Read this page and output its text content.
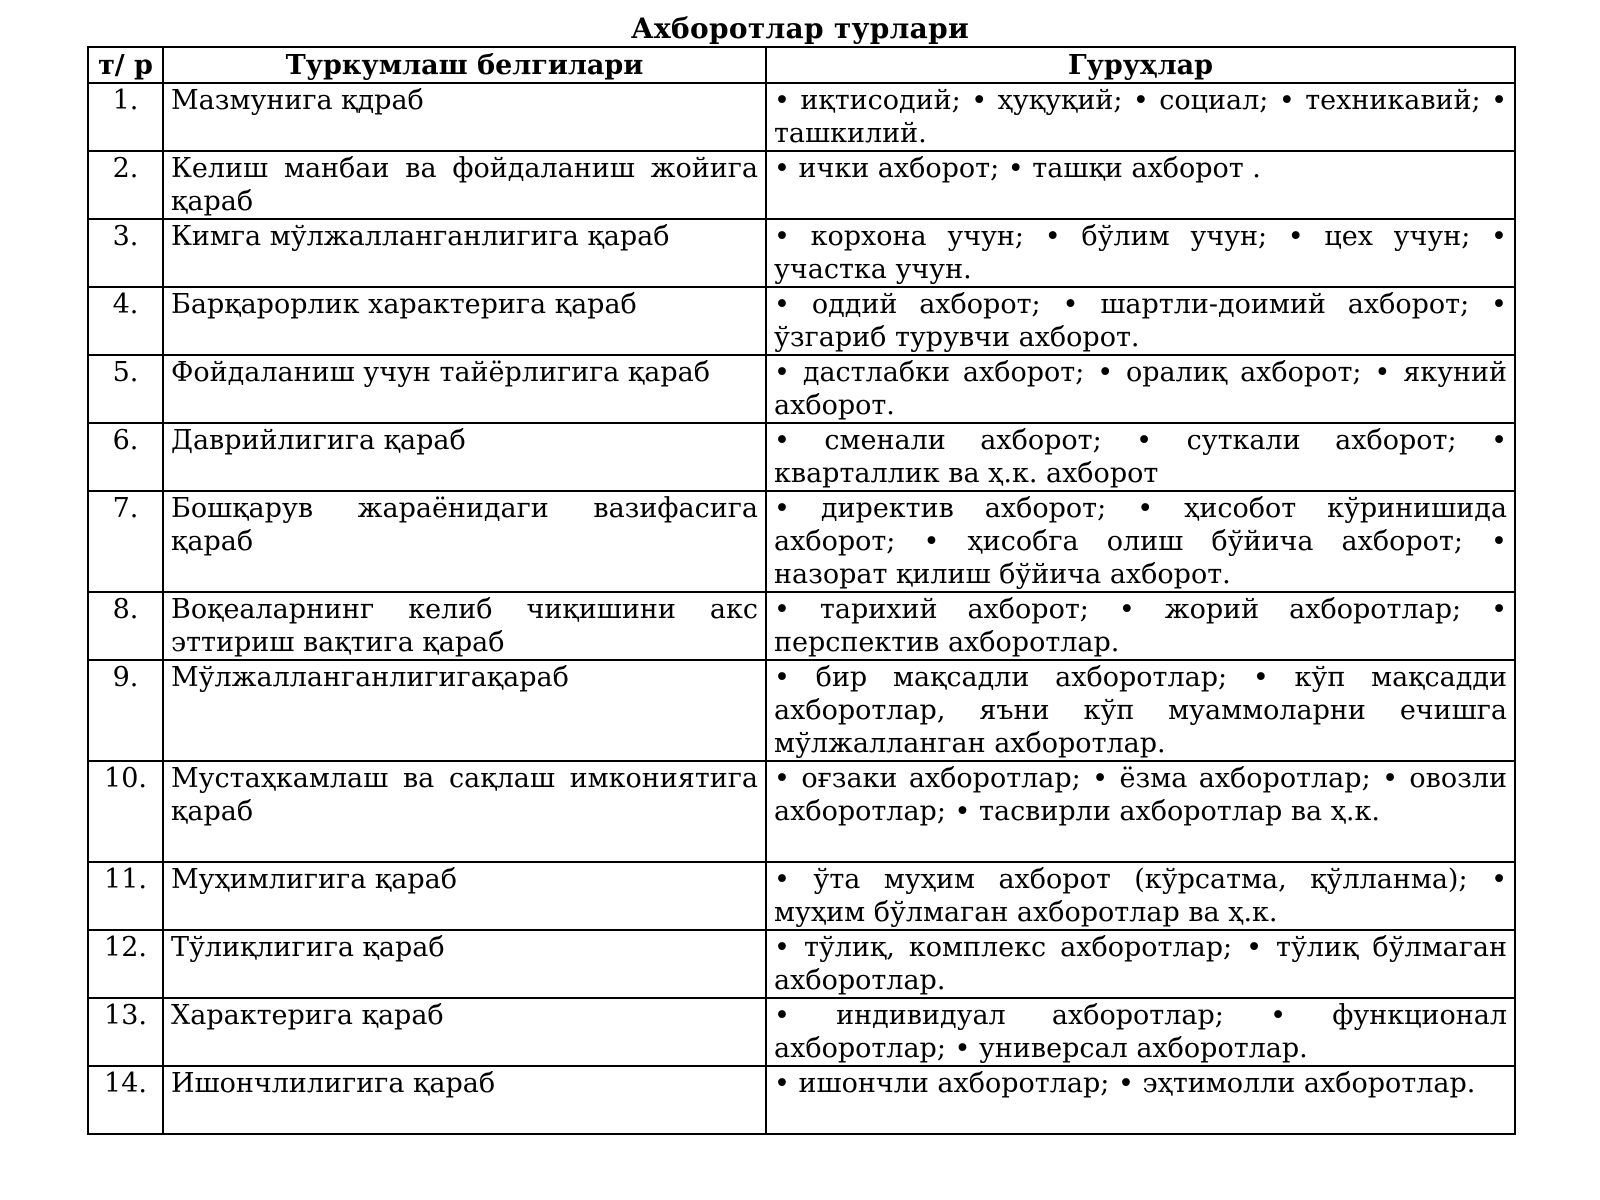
Ахборотлар турлари
т/ р	Туркумлаш белгилари	Гуруҳлар
1.	Мазмунига қдраб	• иқтисодий; • ҳуқуқий; • социал; • техникавий; • ташкилий.
2.	Келиш манбаи ва фойдаланиш жойига қараб	• ички ахборот; • ташқи ахборот .
3.	Кимга мўлжалланганлигига қараб	• корхона учун; • бўлим учун; • цех учун; • участка учун.
4.	Барқарорлик характерига қараб	• оддий ахборот; • шартли-доимий ахборот; • ўзгариб турувчи ахборот.
5.	Фойдаланиш учун тайёрлигига қараб	• дастлабки ахборот; • оралиқ ахборот; • якуний ахборот.
6.	Даврийлигига қараб	• сменали ахборот; • суткали ахборот; • кварталлик ва ҳ.к. ахборот
7.	Бошқарув жараёнидаги вазифасига қараб	• директив ахборот; • ҳисобот кўринишида ахборот; • ҳисобга олиш бўйича ахборот; • назорат қилиш бўйича ахборот.
8.	Воқеаларнинг келиб чиқишини акс эттириш вақтига қараб	• тарихий ахборот; • жорий ахборотлар; • перспектив ахборотлар.
9.	Мўлжалланганлигигақараб	• бир мақсадли ахборотлар; • кўп мақсадди ахборотлар, яъни кўп муаммоларни ечишга мўлжалланган ахборотлар.
10.	Мустаҳкамлаш ва сақлаш имкониятига қараб	• оғзаки ахборотлар; • ёзма ахборотлар; • овозли ахборотлар; • тасвирли ахборотлар ва ҳ.к.
11.	Муҳимлигига қараб	• ўта муҳим ахборот (кўрсатма, қўлланма); • муҳим бўлмаган ахборотлар ва ҳ.к.
12.	Тўлиқлигига қараб	• тўлиқ, комплекс ахборотлар; • тўлиқ бўлмаган ахборотлар.
13.	Характерига қараб	• индивидуал ахборотлар; • функционал ахборотлар; • универсал ахборотлар.
14.	Ишончлилигига қараб	• ишончли ахборотлар; • эҳтимолли ахборотлар.
